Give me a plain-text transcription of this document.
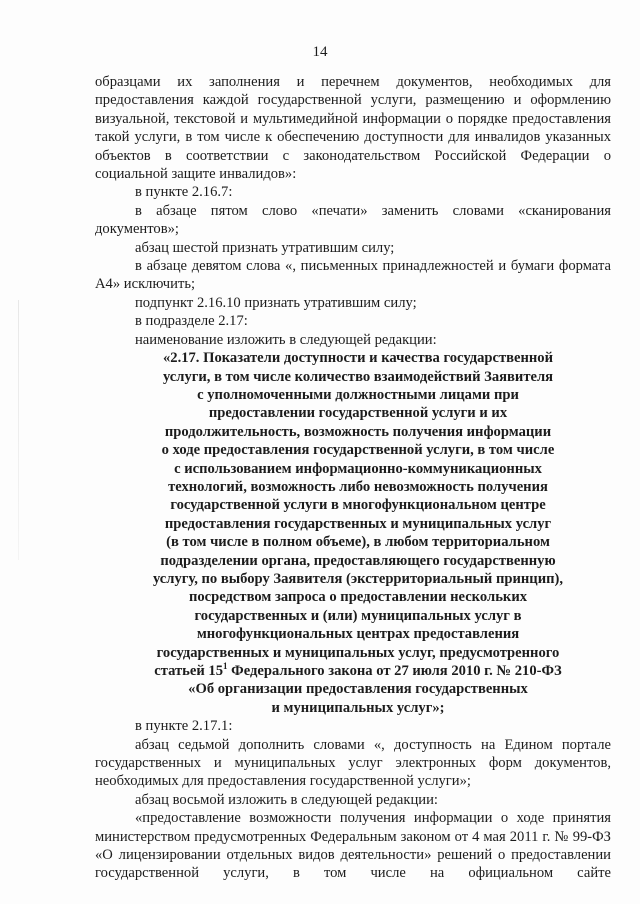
14

образцами их заполнения и перечнем документов, необходимых для предоставления каждой государственной услуги, размещению и оформлению визуальной, текстовой и мультимедийной информации о порядке предоставления такой услуги, в том числе к обеспечению доступности для инвалидов указанных объектов в соответствии с законодательством Российской Федерации о социальной защите инвалидов»:

в пункте 2.16.7:

в абзаце пятом слово «печати» заменить словами «сканирования документов»;

абзац шестой признать утратившим силу;

в абзаце девятом слова «, письменных принадлежностей и бумаги формата А4» исключить;

подпункт 2.16.10 признать утратившим силу;

в подразделе 2.17:

наименование изложить в следующей редакции:

«2.17. Показатели доступности и качества государственной
услуги, в том числе количество взаимодействий Заявителя
с уполномоченными должностными лицами при
предоставлении государственной услуги и их
продолжительность, возможность получения информации
о ходе предоставления государственной услуги, в том числе
с использованием информационно-коммуникационных
технологий, возможность либо невозможность получения
государственной услуги в многофункциональном центре
предоставления государственных и муниципальных услуг
(в том числе в полном объеме), в любом территориальном
подразделении органа, предоставляющего государственную
услугу, по выбору Заявителя (экстерриториальный принцип),
посредством запроса о предоставлении нескольких
государственных и (или) муниципальных услуг в
многофункциональных центрах предоставления
государственных и муниципальных услуг, предусмотренного
статьей $15^1$ Федерального закона от 27 июля 2010 г. № 210-ФЗ
«Об организации предоставления государственных
и муниципальных услуг»;

в пункте 2.17.1:

абзац седьмой дополнить словами «, доступность на Едином портале государственных и муниципальных услуг электронных форм документов, необходимых для предоставления государственной услуги»;

абзац восьмой изложить в следующей редакции:

«предоставление возможности получения информации о ходе принятия министерством предусмотренных Федеральным законом от 4 мая 2011 г. № 99-ФЗ «О лицензировании отдельных видов деятельности» решений о предоставлении государственной услуги, в том числе на официальном сайте
